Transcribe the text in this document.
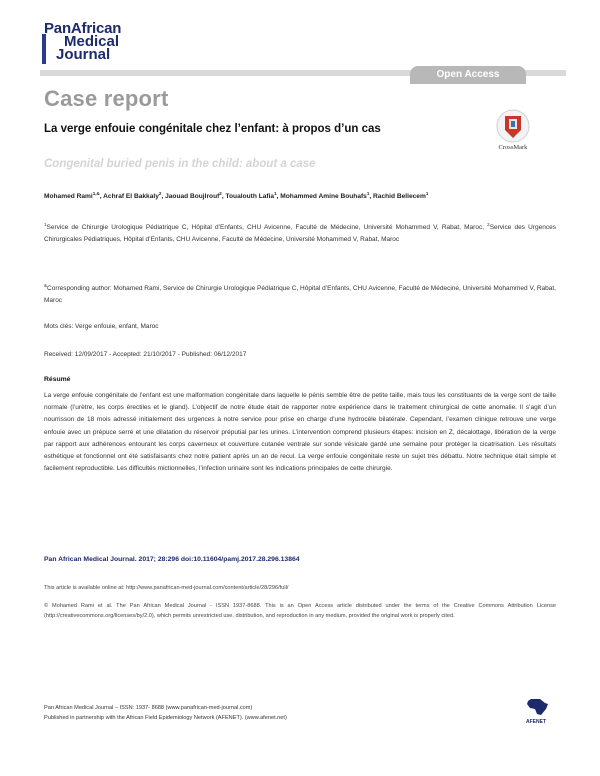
PanAfrican
Medical
Journal
Open Access
Case report
La verge enfouie congénitale chez l’enfant: à propos d’un cas
Congenital buried penis in the child: about a case
CrossMark
Mohamed Rami$^{1,\&}$, Achraf El Bakkaly$^2$, Jaouad Boujlrouf$^2$, Toualouth Lafia$^1$, Mohammed Amine Bouhafs$^1$, Rachid Bellecem$^1$
$^1$Service de Chirurgie Urologique Pédiatrique C, Hôpital d’Enfants, CHU Avicenne, Faculté de Médecine, Université Mohammed V, Rabat, Maroc, $^2$Service des Urgences Chirurgicales Pédiatriques, Hôpital d’Enfants, CHU Avicenne, Faculté de Médecine, Université Mohammed V, Rabat, Maroc
&Corresponding author: Mohamed Rami, Service de Chirurgie Urologique Pédiatrique C, Hôpital d’Enfants, CHU Avicenne, Faculté de Médecine, Université Mohammed V, Rabat, Maroc
Mots clés: Verge enfouie, enfant, Maroc
Received: 12/09/2017 - Accepted: 21/10/2017 - Published: 06/12/2017
Résumé
La verge enfouie congénitale de l’enfant est une malformation congénitale dans laquelle le pénis semble être de petite taille, mais tous les constituants de la verge sont de taille normale (l’urètre, les corps érectiles et le gland). L’objectif de notre étude était de rapporter notre expérience dans le traitement chirurgical de cette anomalie. Il s’agit d’un nourrisson de 18 mois adressé initialement des urgences à notre service pour prise en charge d’une hydrocèle bilatérale. Cependant, l’examen clinique retrouve une verge enfouie avec un prépuce serré et une dilatation du réservoir préputial par les urines. L’intervention comprend plusieurs étapes: incision en Z, décalottage, libération de la verge par rapport aux adhérences entourant les corps caverneux et couverture cutanée ventrale sur sonde vésicale gardé une semaine pour protéger la cicatrisation. Les résultats esthétique et fonctionnel ont été satisfaisants chez notre patient après un an de recul. La verge enfouie congénitale reste un sujet très débattu. Notre technique était simple et facilement reproductible. Les difficultés mictionnelles, l’infection urinaire sont les indications principales de cette chirurgie.
Pan African Medical Journal. 2017; 28:296 doi:10.11604/pamj.2017.28.296.13864
This article is available online at: http://www.panafrican-med-journal.com/content/article/28/296/full/
© Mohamed Rami et al. The Pan African Medical Journal - ISSN 1937-8688. This is an Open Access article distributed under the terms of the Creative Commons Attribution License (http://creativecommons.org/licenses/by/2.0), which permits unrestricted use, distribution, and reproduction in any medium, provided the original work is properly cited.
Pan African Medical Journal – ISSN: 1937- 8688 (www.panafrican-med-journal.com)
Published in partnership with the African Field Epidemiology Network (AFENET). (www.afenet.net)
AFENET
